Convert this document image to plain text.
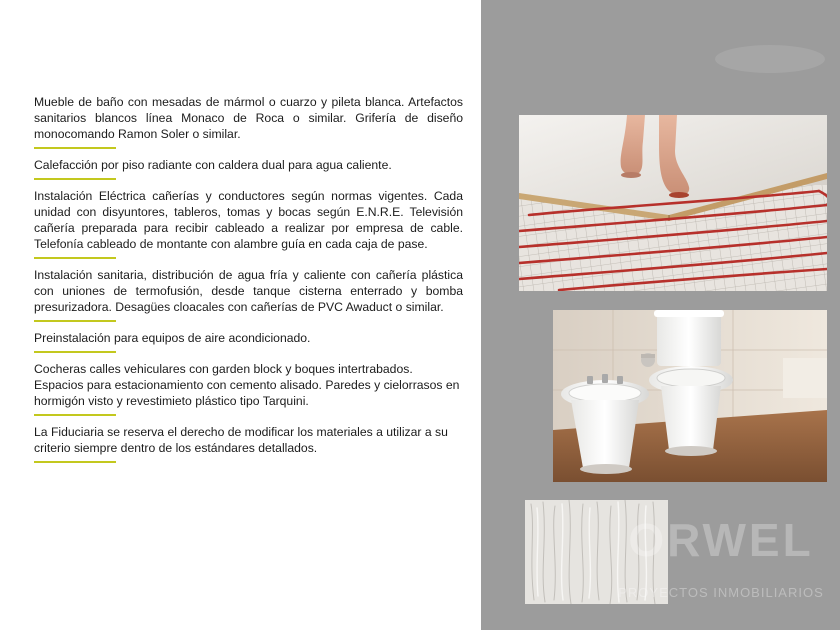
Mueble de baño con mesadas de mármol o cuarzo y pileta blanca. Artefactos sanitarios blancos línea Monaco de Roca o similar. Grifería de diseño monocomando Ramon Soler o similar.

Calefacción por piso radiante con caldera dual para agua caliente.

Instalación Eléctrica cañerías y conductores según normas vigentes. Cada unidad con disyuntores, tableros, tomas y bocas según E.N.R.E. Televisión cañería preparada para recibir cableado a realizar por empresa de cable. Telefonía cableado de montante con alambre guía en cada caja de pase.

Instalación sanitaria, distribución de agua fría y caliente con cañería plástica con uniones de termofusión, desde tanque cisterna enterrado y bomba presurizadora. Desagües cloacales con cañerías de PVC Awaduct o similar.

Preinstalación para equipos de aire acondicionado.

Cocheras calles vehiculares con garden block y boques intertrabados. Espacios para estacionamiento con cemento alisado. Paredes y cielorrasos en hormigón visto y revestimieto plástico tipo Tarquini.

La Fiduciaria se reserva el derecho de modificar los materiales a utilizar a su criterio siempre dentro de los estándares detallados.

ORWEL
PROYECTOS INMOBILIARIOS
